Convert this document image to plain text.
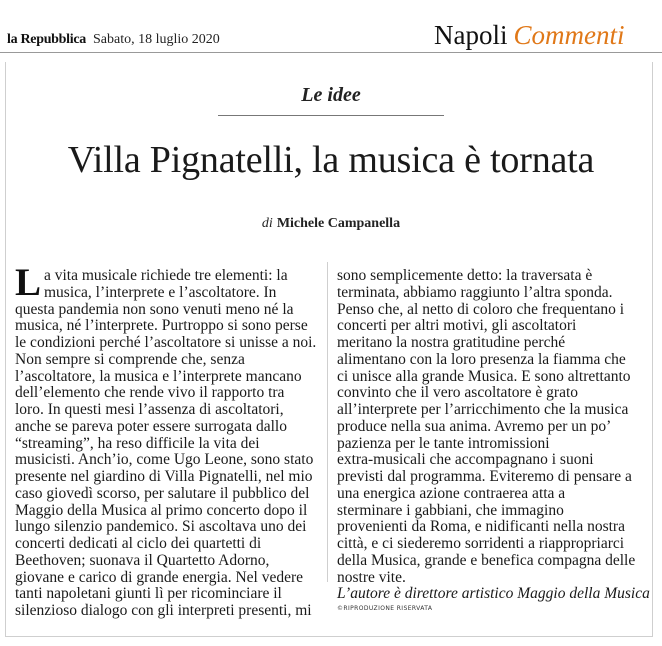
la Repubblica Sabato, 18 luglio 2020	Napoli Commenti
Le idee
Villa Pignatelli, la musica è tornata
di Michele Campanella
L a vita musicale richiede tre elementi: la
musica, l’interprete e l’ascoltatore. In
questa pandemia non sono venuti meno né la
musica, né l’interprete. Purtroppo si sono perse
le condizioni perché l’ascoltatore si unisse a noi.
Non sempre si comprende che, senza
l’ascoltatore, la musica e l’interprete mancano
dell’elemento che rende vivo il rapporto tra
loro. In questi mesi l’assenza di ascoltatori,
anche se pareva poter essere surrogata dallo
“streaming”, ha reso difficile la vita dei
musicisti. Anch’io, come Ugo Leone, sono stato
presente nel giardino di Villa Pignatelli, nel mio
caso giovedì scorso, per salutare il pubblico del
Maggio della Musica al primo concerto dopo il
lungo silenzio pandemico. Si ascoltava uno dei
concerti dedicati al ciclo dei quartetti di
Beethoven; suonava il Quartetto Adorno,
giovane e carico di grande energia. Nel vedere
tanti napoletani giunti lì per ricominciare il
silenzioso dialogo con gli interpreti presenti, mi
sono semplicemente detto: la traversata è
terminata, abbiamo raggiunto l’altra sponda.
Penso che, al netto di coloro che frequentano i
concerti per altri motivi, gli ascoltatori
meritano la nostra gratitudine perché
alimentano con la loro presenza la fiamma che
ci unisce alla grande Musica. E sono altrettanto
convinto che il vero ascoltatore è grato
all’interprete per l’arricchimento che la musica
produce nella sua anima. Avremo per un po’
pazienza per le tante intromissioni
extra-musicali che accompagnano i suoni
previsti dal programma. Eviteremo di pensare a
una energica azione contraerea atta a
sterminare i gabbiani, che immagino
provenienti da Roma, e nidificanti nella nostra
città, e ci siederemo sorridenti a riappropriarci
della Musica, grande e benefica compagna delle
nostre vite.
L’autore è direttore artistico Maggio della Musica
©RIPRODUZIONE RISERVATA
